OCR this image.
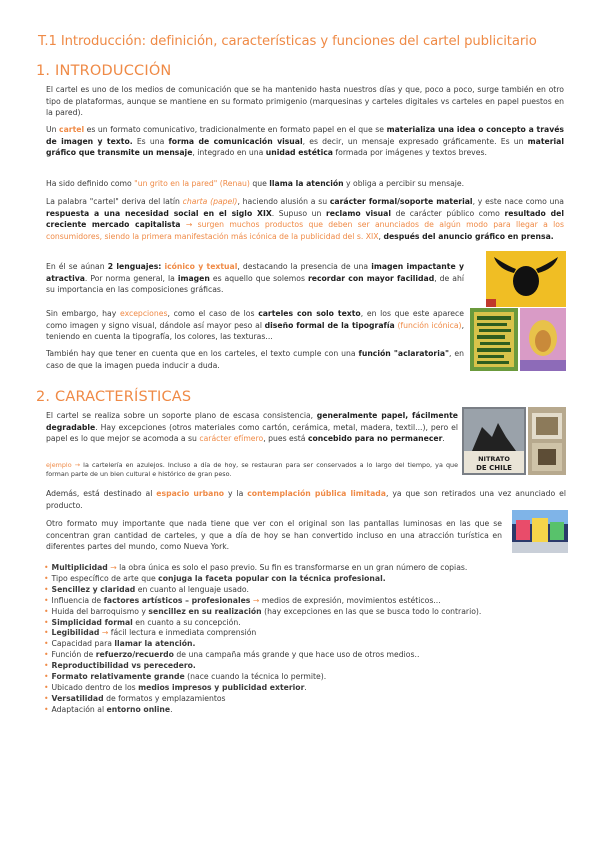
T.1 Introducción: definición, características y funciones del cartel publicitario
1. INTRODUCCIÓN
El cartel es uno de los medios de comunicación que se ha mantenido hasta nuestros días y que, poco a poco, surge también en otro tipo de plataformas, aunque se mantiene en su formato primigenio (marquesinas y carteles digitales vs carteles en papel puestos en la pared).
Un cartel es un formato comunicativo, tradicionalmente en formato papel en el que se materializa una idea o concepto a través de imagen y texto. Es una forma de comunicación visual, es decir, un mensaje expresado gráficamente. Es un material gráfico que transmite un mensaje, integrado en una unidad estética formada por imágenes y textos breves.
Ha sido definido como "un grito en la pared" (Renau) que llama la atención y obliga a percibir su mensaje.
La palabra "cartel" deriva del latín charta (papel), haciendo alusión a su carácter formal/soporte material, y este nace como una respuesta a una necesidad social en el siglo XIX. Supuso un reclamo visual de carácter público como resultado del creciente mercado capitalista → surgen muchos productos que deben ser anunciados de algún modo para llegar a los consumidores, siendo la primera manifestación más icónica de la publicidad del s. XIX, después del anuncio gráfico en prensa.
En él se aúnan 2 lenguajes: icónico y textual, destacando la presencia de una imagen impactante y atractiva. Por norma general, la imagen es aquello que solemos recordar con mayor facilidad, de ahí su importancia en las composiciones gráficas.
Sin embargo, hay excepciones, como el caso de los carteles con solo texto, en los que este aparece como imagen y signo visual, dándole así mayor peso al diseño formal de la tipografía (función icónica), teniendo en cuenta la tipografía, los colores, las texturas...
También hay que tener en cuenta que en los carteles, el texto cumple con una función "aclaratoria", en caso de que la imagen pueda inducir a duda.
2. CARACTERÍSTICAS
El cartel se realiza sobre un soporte plano de escasa consistencia, generalmente papel, fácilmente degradable. Hay excepciones (otros materiales como cartón, cerámica, metal, madera, textil...), pero el papel es lo que mejor se acomoda a su carácter efímero, pues está concebido para no permanecer.
NITRATO
DE CHILE
ejemplo → la cartelería en azulejos. Incluso a día de hoy, se restauran para ser conservados a lo largo del tiempo, ya que forman parte de un bien cultural e histórico de gran peso.
Además, está destinado al espacio urbano y la contemplación pública limitada, ya que son retirados una vez anunciado el producto.
Otro formato muy importante que nada tiene que ver con el original son las pantallas luminosas en las que se concentran gran cantidad de carteles, y que a día de hoy se han convertido incluso en una atracción turística en diferentes partes del mundo, como Nueva York.
• Multiplicidad → la obra única es solo el paso previo. Su fin es transformarse en un gran número de copias.
• Tipo específico de arte que conjuga la faceta popular con la técnica profesional.
• Sencillez y claridad en cuanto al lenguaje usado.
• Influencia de factores artísticos – profesionales → medios de expresión, movimientos estéticos...
• Huida del barroquismo y sencillez en su realización (hay excepciones en las que se busca todo lo contrario).
• Simplicidad formal en cuanto a su concepción.
• Legibilidad → fácil lectura e inmediata comprensión
• Capacidad para llamar la atención.
• Función de refuerzo/recuerdo de una campaña más grande y que hace uso de otros medios..
• Reproductibilidad vs perecedero.
• Formato relativamente grande (nace cuando la técnica lo permite).
• Ubicado dentro de los medios impresos y publicidad exterior.
• Versatilidad de formatos y emplazamientos
• Adaptación al entorno online.
